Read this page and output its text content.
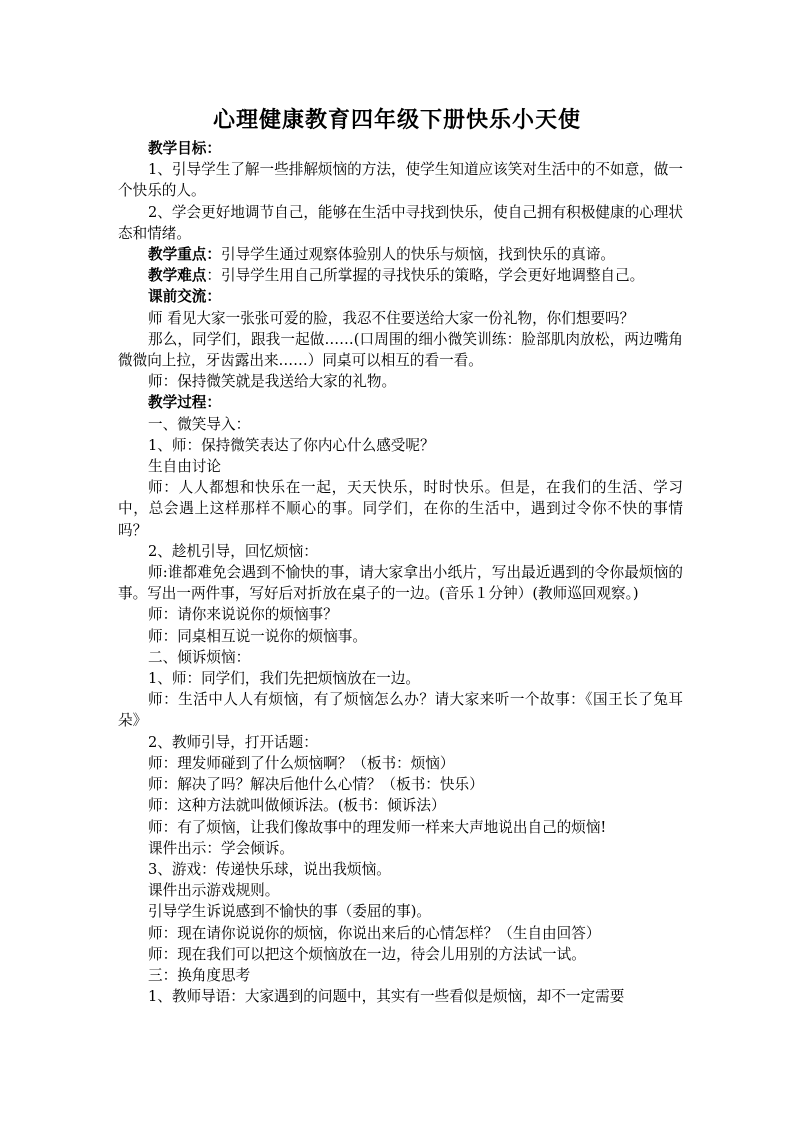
心理健康教育四年级下册快乐小天使

教学目标：

1、引导学生了解一些排解烦恼的方法，使学生知道应该笑对生活中的不如意，做一个快乐的人。

2、学会更好地调节自己，能够在生活中寻找到快乐，使自己拥有积极健康的心理状态和情绪。

教学重点：引导学生通过观察体验别人的快乐与烦恼，找到快乐的真谛。

教学难点：引导学生用自己所掌握的寻找快乐的策略，学会更好地调整自己。

课前交流：

师 看见大家一张张可爱的脸，我忍不住要送给大家一份礼物，你们想要吗？

那么，同学们，跟我一起做……(口周围的细小微笑训练：脸部肌肉放松，两边嘴角微微向上拉，牙齿露出来……）同桌可以相互的看一看。

师：保持微笑就是我送给大家的礼物。

教学过程：

一、微笑导入：

1、师：保持微笑表达了你内心什么感受呢？

生自由讨论

师：人人都想和快乐在一起，天天快乐，时时快乐。但是，在我们的生活、学习中，总会遇上这样那样不顺心的事。同学们，在你的生活中，遇到过令你不快的事情吗？

2、趁机引导，回忆烦恼：

师:谁都难免会遇到不愉快的事，请大家拿出小纸片，写出最近遇到的令你最烦恼的事。写出一两件事，写好后对折放在桌子的一边。(音乐１分钟）(教师巡回观察。)

师：请你来说说你的烦恼事？

师：同桌相互说一说你的烦恼事。

二、倾诉烦恼：

1、师：同学们，我们先把烦恼放在一边。

师：生活中人人有烦恼，有了烦恼怎么办？请大家来听一个故事：《国王长了兔耳朵》

2、教师引导，打开话题：

师：理发师碰到了什么烦恼啊？（板书：烦恼）

师：解决了吗？解决后他什么心情？（板书：快乐）

师：这种方法就叫做倾诉法。(板书：倾诉法）

师：有了烦恼，让我们像故事中的理发师一样来大声地说出自己的烦恼!

课件出示：学会倾诉。

3、游戏：传递快乐球，说出我烦恼。

课件出示游戏规则。

引导学生诉说感到不愉快的事（委屈的事)。

师：现在请你说说你的烦恼，你说出来后的心情怎样？（生自由回答）

师：现在我们可以把这个烦恼放在一边，待会儿用别的方法试一试。

三：换角度思考

1、教师导语：大家遇到的问题中，其实有一些看似是烦恼，却不一定需要
